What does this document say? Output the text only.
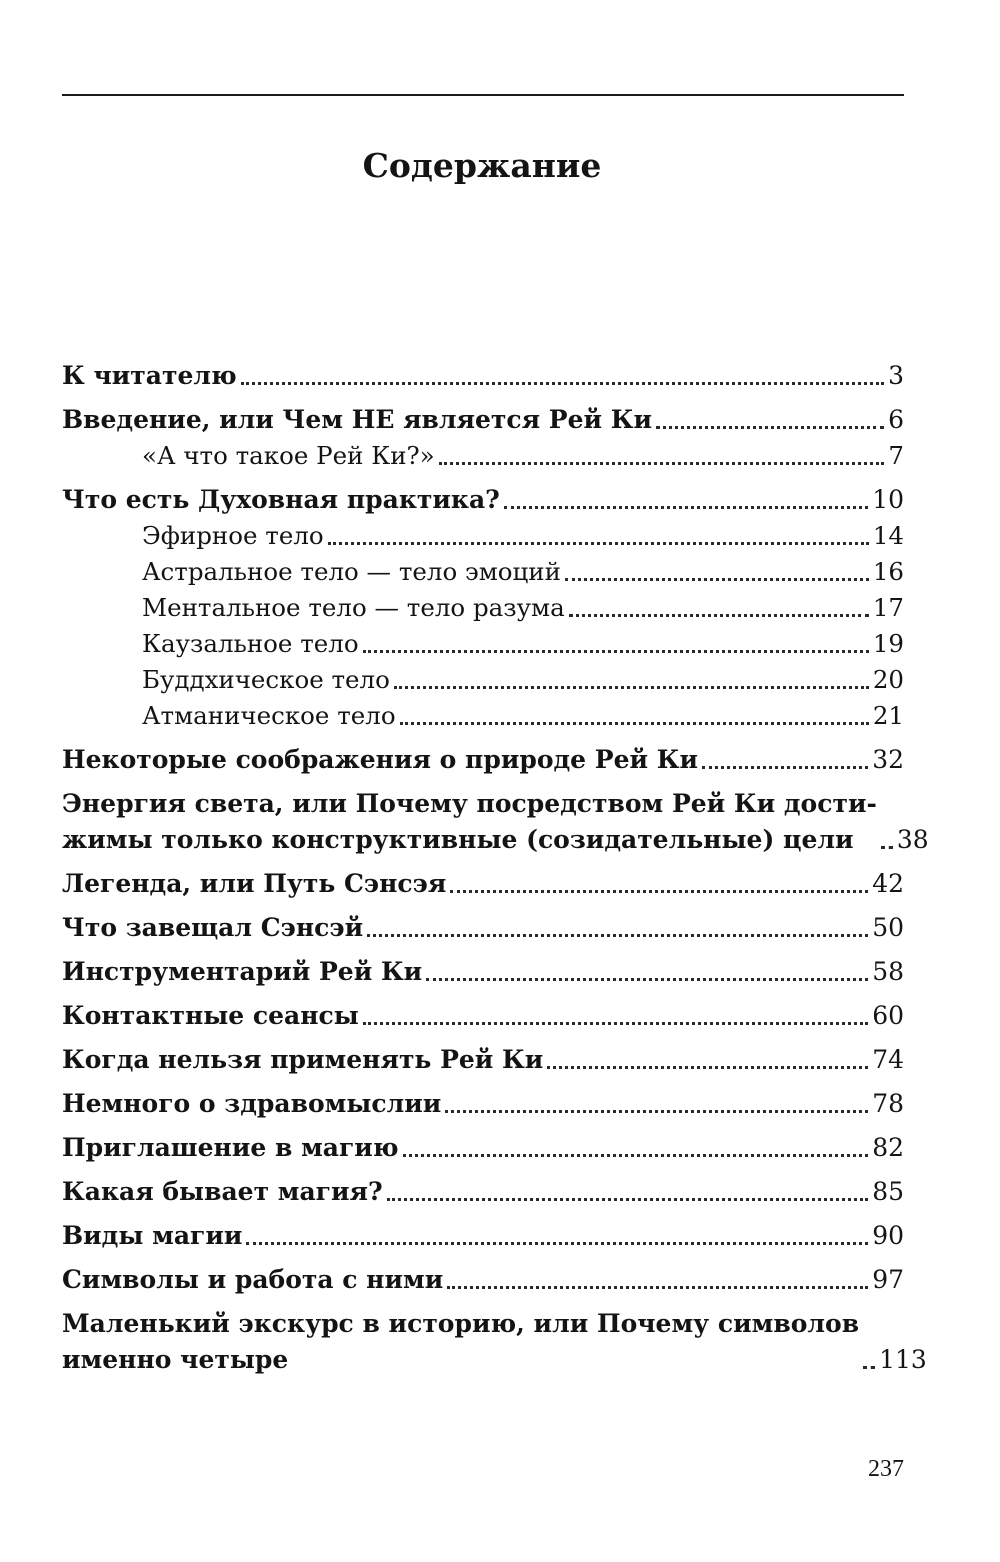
Содержание
К читателю	3
Введение, или Чем НЕ является Рей Ки	6
«А что такое Рей Ки?»	7
Что есть Духовная практика?	10
Эфирное тело	14
Астральное тело — тело эмоций	16
Ментальное тело — тело разума	17
Каузальное тело	19
Буддхическое тело	20
Атманическое тело	21
Некоторые соображения о природе Рей Ки	32
Энергия света, или Почему посредством Рей Ки дости-
жимы только конструктивные (созидательные) цели	38
Легенда, или Путь Сэнсэя	42
Что завещал Сэнсэй	50
Инструментарий Рей Ки	58
Контактные сеансы	60
Когда нельзя применять Рей Ки	74
Немного о здравомыслии	78
Приглашение в магию	82
Какая бывает магия?	85
Виды магии	90
Символы и работа с ними	97
Маленький экскурс в историю, или Почему символов
именно четыре	113
237
